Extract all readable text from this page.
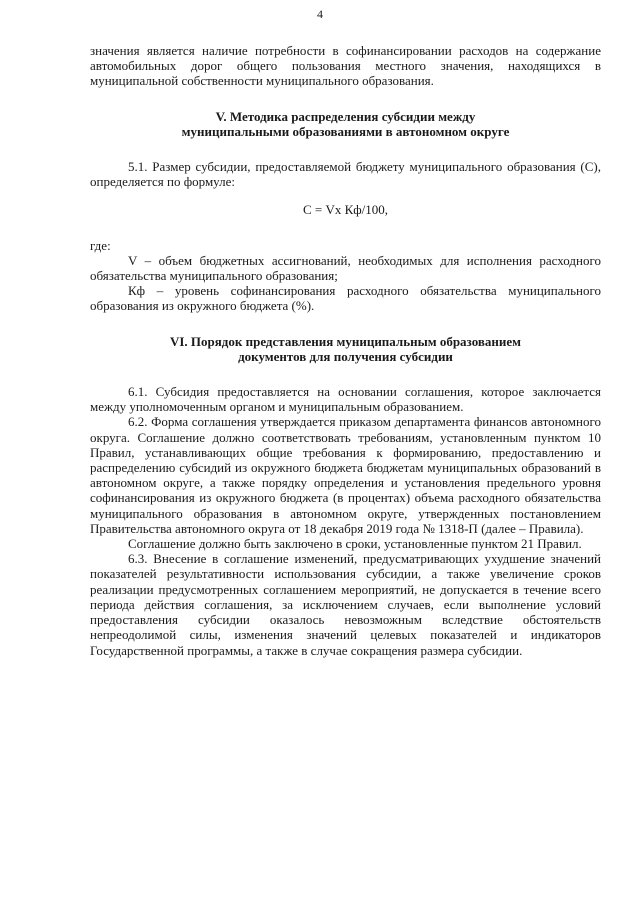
4

значения является наличие потребности в софинансировании расходов на содержание автомобильных дорог общего пользования местного значения, находящихся в муниципальной собственности муниципального образования.

V. Методика распределения субсидии между
муниципальными образованиями в автономном округе

5.1. Размер субсидии, предоставляемой бюджету муниципального образования (С), определяется по формуле:

С = Vх Кф/100,

где:

V – объем бюджетных ассигнований, необходимых для исполнения расходного обязательства муниципального образования;

Кф – уровень софинансирования расходного обязательства муниципального образования из окружного бюджета (%).

VI. Порядок представления муниципальным образованием
документов для получения субсидии

6.1. Субсидия предоставляется на основании соглашения, которое заключается между уполномоченным органом и муниципальным образованием.

6.2. Форма соглашения утверждается приказом департамента финансов автономного округа. Соглашение должно соответствовать требованиям, установленным пунктом 10 Правил, устанавливающих общие требования к формированию, предоставлению и распределению субсидий из окружного бюджета бюджетам муниципальных образований в автономном округе, а также порядку определения и установления предельного уровня софинансирования из окружного бюджета (в процентах) объема расходного обязательства муниципального образования в автономном округе, утвержденных постановлением Правительства автономного округа от 18 декабря 2019 года № 1318-П (далее – Правила).

Соглашение должно быть заключено в сроки, установленные пунктом 21 Правил.

6.3. Внесение в соглашение изменений, предусматривающих ухудшение значений показателей результативности использования субсидии, а также увеличение сроков реализации предусмотренных соглашением мероприятий, не допускается в течение всего периода действия соглашения, за исключением случаев, если выполнение условий предоставления субсидии оказалось невозможным вследствие обстоятельств непреодолимой силы, изменения значений целевых показателей и индикаторов Государственной программы, а также в случае сокращения размера субсидии.
